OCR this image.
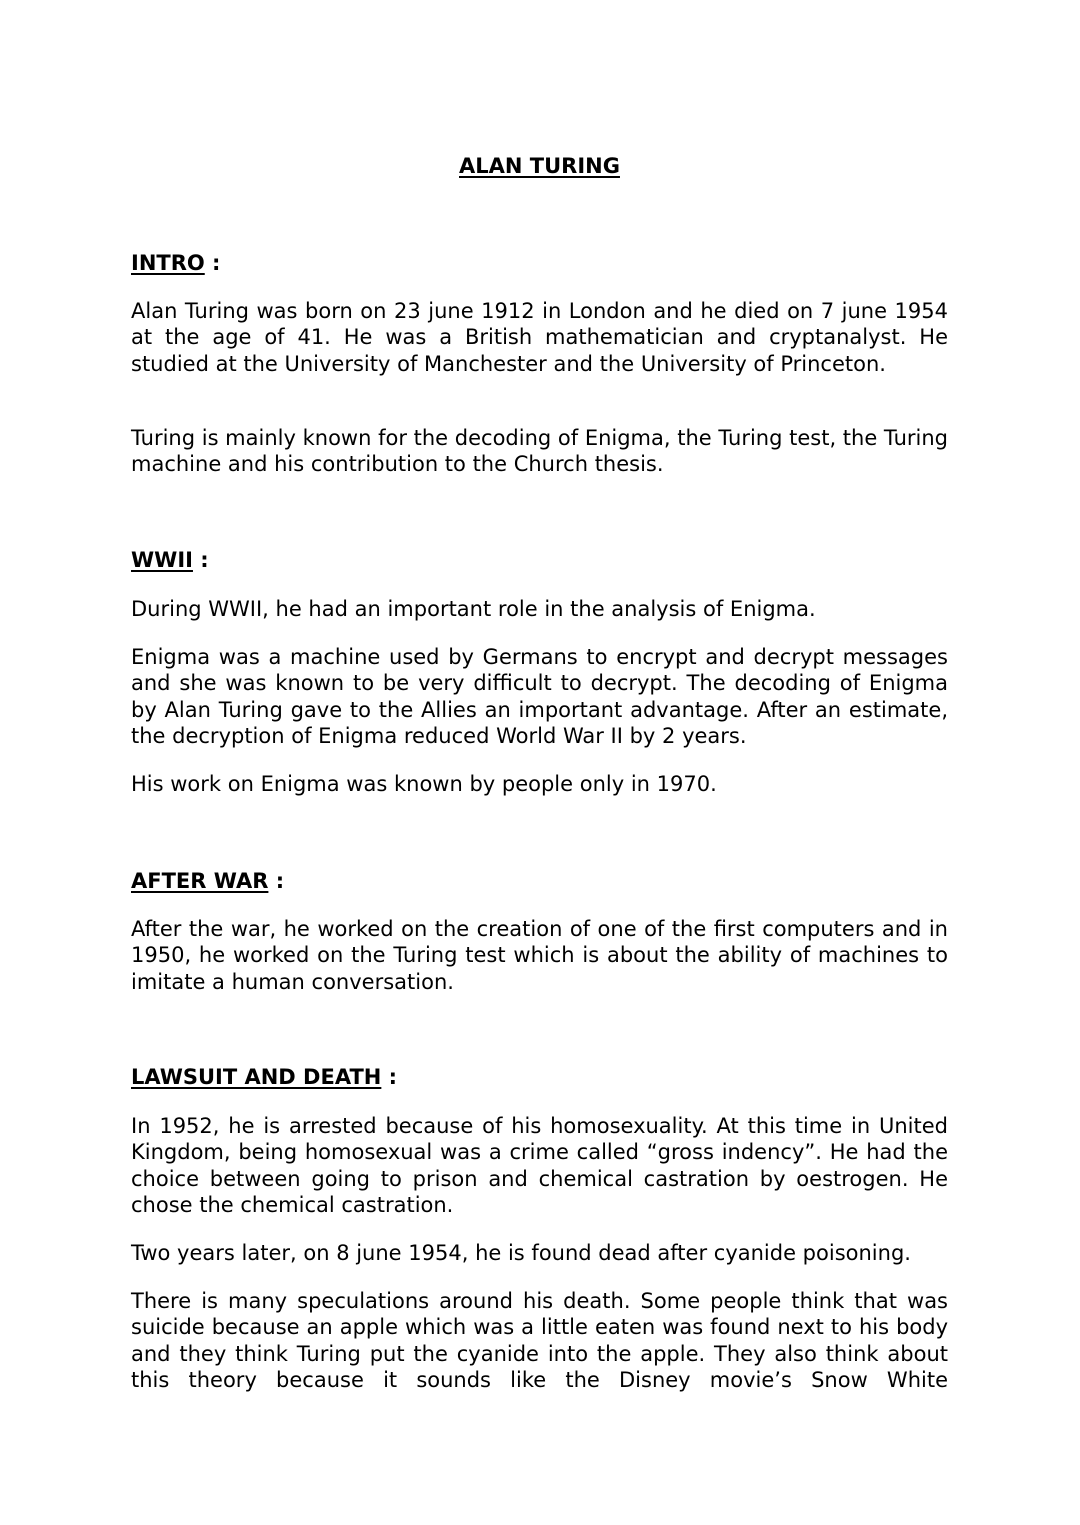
ALAN TURING
INTRO :

Alan Turing was born on 23 june 1912 in London and he died on 7 june 1954 at the age of 41. He was a British mathematician and cryptanalyst. He studied at the University of Manchester and the University of Princeton.

Turing is mainly known for the decoding of Enigma, the Turing test, the Turing machine and his contribution to the Church thesis.

WWII :

During WWII, he had an important role in the analysis of Enigma.

Enigma was a machine used by Germans to encrypt and decrypt messages and she was known to be very difficult to decrypt. The decoding of Enigma by Alan Turing gave to the Allies an important advantage. After an estimate, the decryption of Enigma reduced World War II by 2 years.

His work on Enigma was known by people only in 1970.

AFTER WAR :

After the war, he worked on the creation of one of the first computers and in 1950, he worked on the Turing test which is about the ability of machines to imitate a human conversation.

LAWSUIT AND DEATH :

In 1952, he is arrested because of his homosexuality. At this time in United Kingdom, being homosexual was a crime called “gross indency”. He had the choice between going to prison and chemical castration by oestrogen. He chose the chemical castration.

Two years later, on 8 june 1954, he is found dead after cyanide poisoning.

There is many speculations around his death. Some people think that was suicide because an apple which was a little eaten was found next to his body and they think Turing put the cyanide into the apple. They also think about this theory because it sounds like the Disney movie’s Snow White
